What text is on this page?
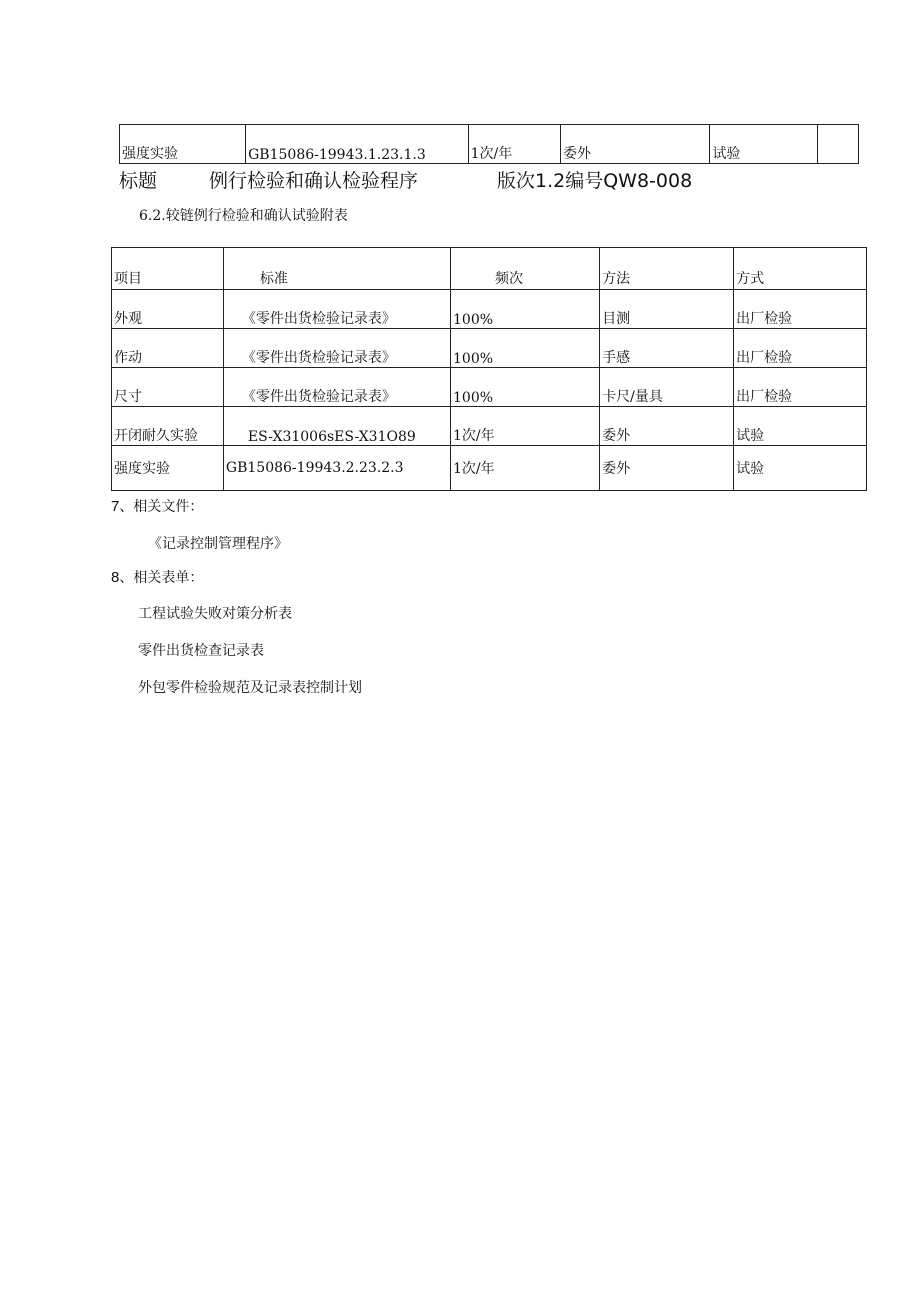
强度实验	GB15086-19943.1.23.1.3	1次/年	委外	试验	
标题	例行检验和确认检验程序	版次1.2编号QW8-008
6.2.较链例行检验和确认试验附表
项目	标准	频次	方法	方式
外观	《零件出货检验记录表》	100%	目测	出厂检验
作动	《零件出货检验记录表》	100%	手感	出厂检验
尺寸	《零件出货检验记录表》	100%	卡尺/量具	出厂检验
开闭耐久实验	ES-X31006sES-X31O89	1次/年	委外	试验
强度实验	GB15086-19943.2.23.2.3	1次/年	委外	试验
7、相关文件：
《记录控制管理程序》
8、相关表单：
工程试验失败对策分析表
零件出货检查记录表
外包零件检验规范及记录表控制计划
